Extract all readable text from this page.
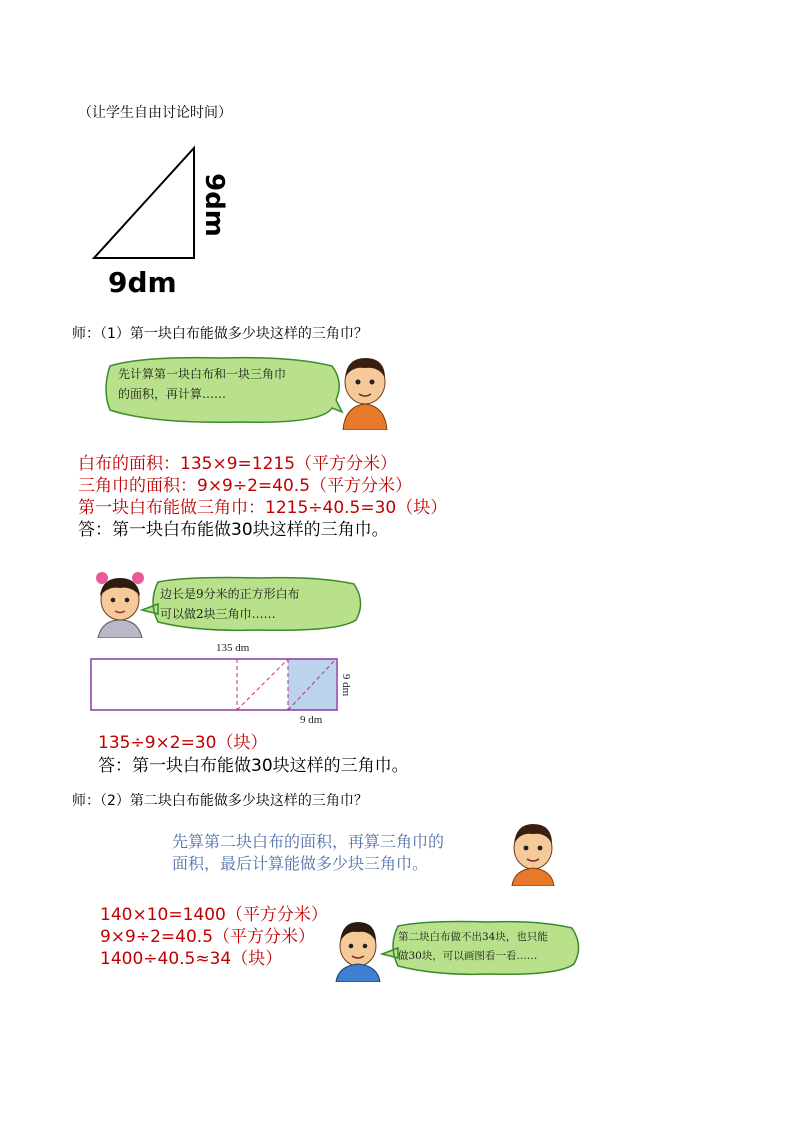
（让学生自由讨论时间）
9dm
9dm
师：（1）第一块白布能做多少块这样的三角巾？
先计算第一块白布和一块三角巾
的面积，再计算……
白布的面积：135×9=1215（平方分米）
三角巾的面积：9×9÷2=40.5（平方分米）
第一块白布能做三角巾：1215÷40.5=30（块）
答：第一块白布能做30块这样的三角巾。
边长是9分米的正方形白布
可以做2块三角巾……
135 dm
9 dm
9 dm
135÷9×2=30（块）
答：第一块白布能做30块这样的三角巾。
师：（2）第二块白布能做多少块这样的三角巾？
先算第二块白布的面积，再算三角巾的
面积，最后计算能做多少块三角巾。
140×10=1400（平方分米）
9×9÷2=40.5（平方分米）
1400÷40.5≈34（块）
第二块白布做不出34块，也只能
做30块，可以画图看一看……
